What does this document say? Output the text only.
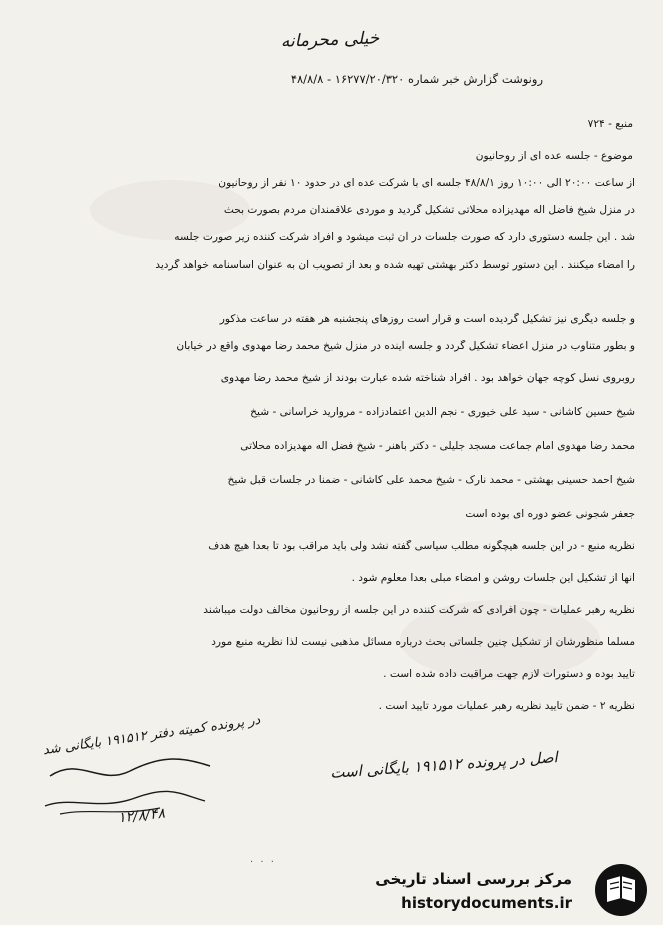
خیلی محرمانه
رونوشت گزارش خبر شماره ۱۶۲۷۷/۲۰/۳۲۰ - ۴۸/۸/۸
منبع - ۷۲۴
موضوع - جلسه عده ای از روحانیون
از ساعت ۲۰:۰۰ الی ۱۰:۰۰ روز ۴۸/۸/۱ جلسه ای با شرکت عده ای در حدود ۱۰ نفر از روحانیون
در منزل شیخ فاضل اله مهدیزاده محلاتی تشکیل گردید و موردی علاقمندان مردم بصورت بحث
شد . این جلسه دستوری دارد که صورت جلسات در آن ثبت میشود و افراد شرکت کننده زیر صورت جلسه
را امضاء میکنند . این دستور توسط دکتر بهشتی تهیه شده و بعد از تصویب آن به عنوان اساسنامه خواهد گردید
و جلسه دیگری نیز تشکیل گردیده است و قرار است روزهای پنجشنبه هر هفته در ساعت مذکور
و بطور متناوب در منزل اعضاء تشکیل گردد و جلسه آینده در منزل شیخ محمد رضا مهدوی واقع در خیابان
روبروی نسل کوچه جهان خواهد بود . افراد شناخته شده عبارت بودند از شیخ محمد رضا مهدوی
شیخ حسین کاشانی - سید علی خیوری - نجم الدین اعتمادزاده - مروارید خراسانی - شیخ
محمد رضا مهدوی امام جماعت مسجد جلیلی - دکتر باهنر - شیخ فضل اله مهدیزاده محلاتی
شیخ احمد حسینی بهشتی - محمد نارک - شیخ محمد علی کاشانی - ضمنا در جلسات قبل شیخ
جعفر شجونی عضو دوره ای بوده است
نظریه منبع - در این جلسه هیچگونه مطلب سیاسی گفته نشد ولی باید مراقب بود تا بعدا هیچ هدف
آنها از تشکیل این جلسات روشن و امضاء مبلی بعدا معلوم شود .
نظریه رهبر عملیات - چون افرادی که شرکت کننده در این جلسه از روحانیون مخالف دولت میباشند
مسلما منظورشان از تشکیل چنین جلساتی بحث درباره مسائل مذهبی نیست لذا نظریه منبع مورد
تایید بوده و دستورات لازم جهت مراقبت داده شده است .
نظریه ۲ - ضمن تایید نظریه رهبر عملیات مورد تایید است .
اصل در پرونده ۱۹۱۵۱۲ بایگانی است
در پرونده کمیته دفتر ۱۹۱۵۱۲ بایگانی شد
۱۲/۸/۴۸
. . .
مرکز بررسی اسناد تاریخی
historydocuments.ir
